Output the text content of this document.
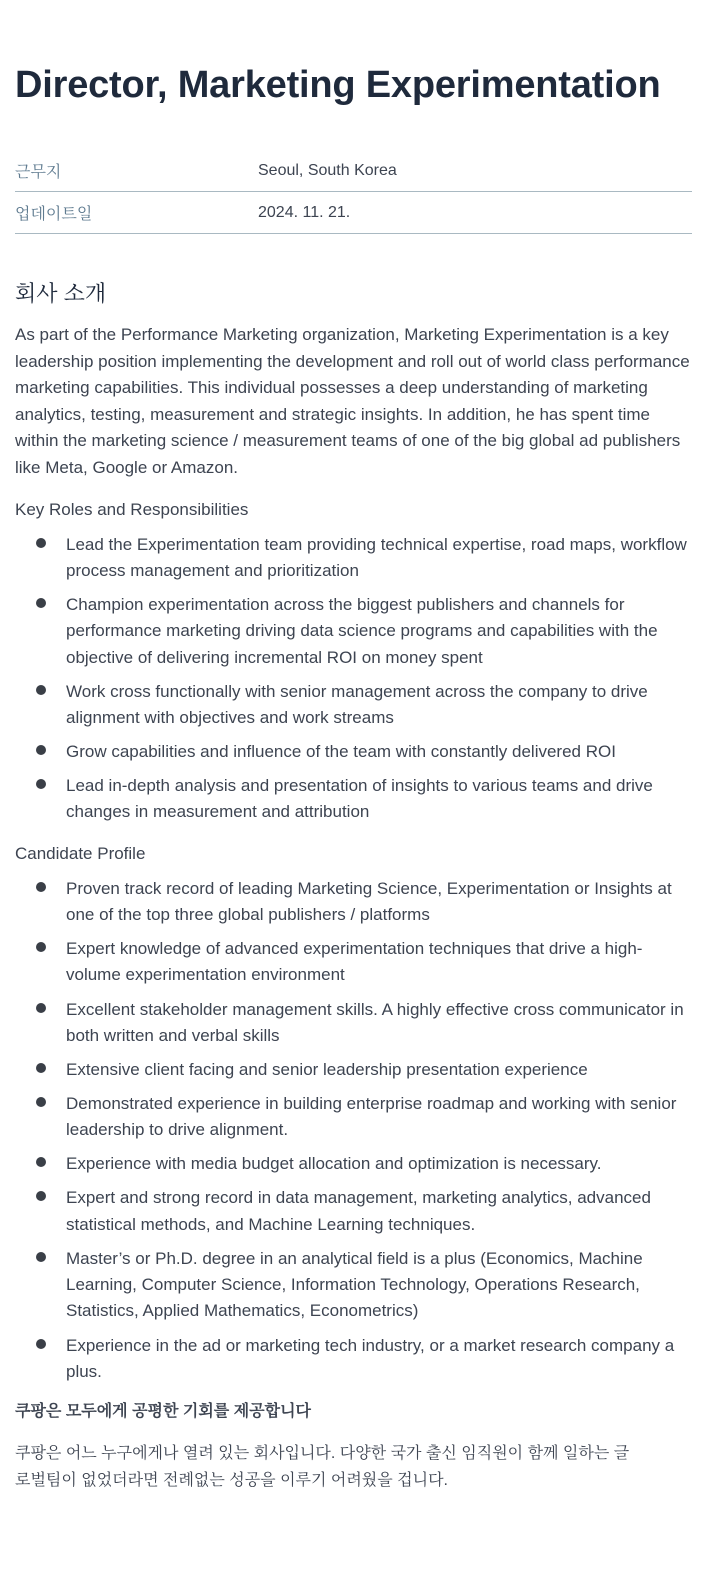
Director, Marketing Experimentation
근무지	Seoul, South Korea
업데이트일	2024. 11. 21.
회사 소개

As part of the Performance Marketing organization, Marketing Experimentation is a key leadership position implementing the development and roll out of world class performance marketing capabilities. This individual possesses a deep understanding of marketing analytics, testing, measurement and strategic insights. In addition, he has spent time within the marketing science / measurement teams of one of the big global ad publishers like Meta, Google or Amazon.

Key Roles and Responsibilities

Lead the Experimentation team providing technical expertise, road maps, workflow process management and prioritization
Champion experimentation across the biggest publishers and channels for performance marketing driving data science programs and capabilities with the objective of delivering incremental ROI on money spent
Work cross functionally with senior management across the company to drive alignment with objectives and work streams
Grow capabilities and influence of the team with constantly delivered ROI
Lead in-depth analysis and presentation of insights to various teams and drive changes in measurement and attribution

Candidate Profile

Proven track record of leading Marketing Science, Experimentation or Insights at one of the top three global publishers / platforms
Expert knowledge of advanced experimentation techniques that drive a high-volume experimentation environment
Excellent stakeholder management skills. A highly effective cross communicator in both written and verbal skills
Extensive client facing and senior leadership presentation experience
Demonstrated experience in building enterprise roadmap and working with senior leadership to drive alignment.
Experience with media budget allocation and optimization is necessary.
Expert and strong record in data management, marketing analytics, advanced statistical methods, and Machine Learning techniques.
Master’s or Ph.D. degree in an analytical field is a plus (Economics, Machine Learning, Computer Science, Information Technology, Operations Research, Statistics, Applied Mathematics, Econometrics)
Experience in the ad or marketing tech industry, or a market research company a plus.

쿠팡은 모두에게 공평한 기회를 제공합니다

쿠팡은 어느 누구에게나 열려 있는 회사입니다. 다양한 국가 출신 임직원이 함께 일하는 글로벌팀이 없었더라면 전례없는 성공을 이루기 어려웠을 겁니다.
